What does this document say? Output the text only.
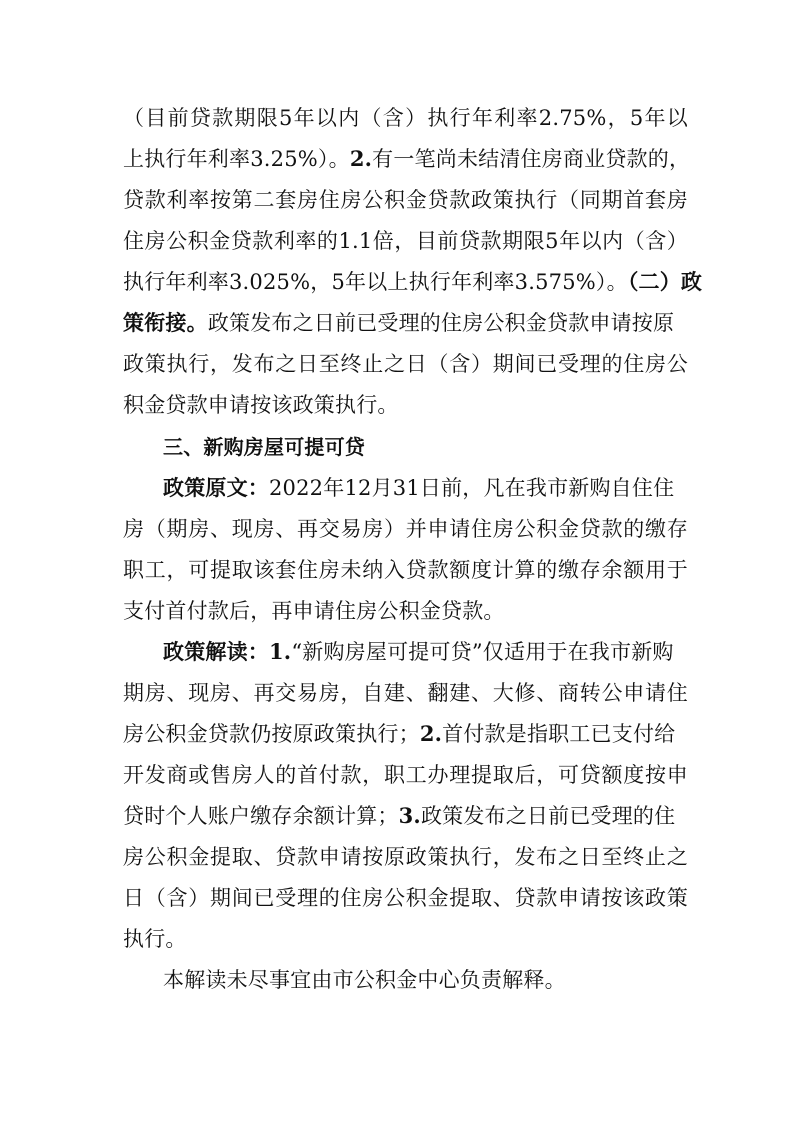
（目前贷款期限5年以内（含）执行年利率2.75%，5年以
上执行年利率3.25%）。2.有一笔尚未结清住房商业贷款的，
贷款利率按第二套房住房公积金贷款政策执行（同期首套房
住房公积金贷款利率的1.1倍，目前贷款期限5年以内（含）
执行年利率3.025%，5年以上执行年利率3.575%）。（二）政
策衔接。政策发布之日前已受理的住房公积金贷款申请按原
政策执行，发布之日至终止之日（含）期间已受理的住房公
积金贷款申请按该政策执行。
三、新购房屋可提可贷
政策原文：2022年12月31日前，凡在我市新购自住住
房（期房、现房、再交易房）并申请住房公积金贷款的缴存
职工，可提取该套住房未纳入贷款额度计算的缴存余额用于
支付首付款后，再申请住房公积金贷款。
政策解读：1.“新购房屋可提可贷”仅适用于在我市新购
期房、现房、再交易房，自建、翻建、大修、商转公申请住
房公积金贷款仍按原政策执行；2.首付款是指职工已支付给
开发商或售房人的首付款，职工办理提取后，可贷额度按申
贷时个人账户缴存余额计算；3.政策发布之日前已受理的住
房公积金提取、贷款申请按原政策执行，发布之日至终止之
日（含）期间已受理的住房公积金提取、贷款申请按该政策
执行。
本解读未尽事宜由市公积金中心负责解释。
